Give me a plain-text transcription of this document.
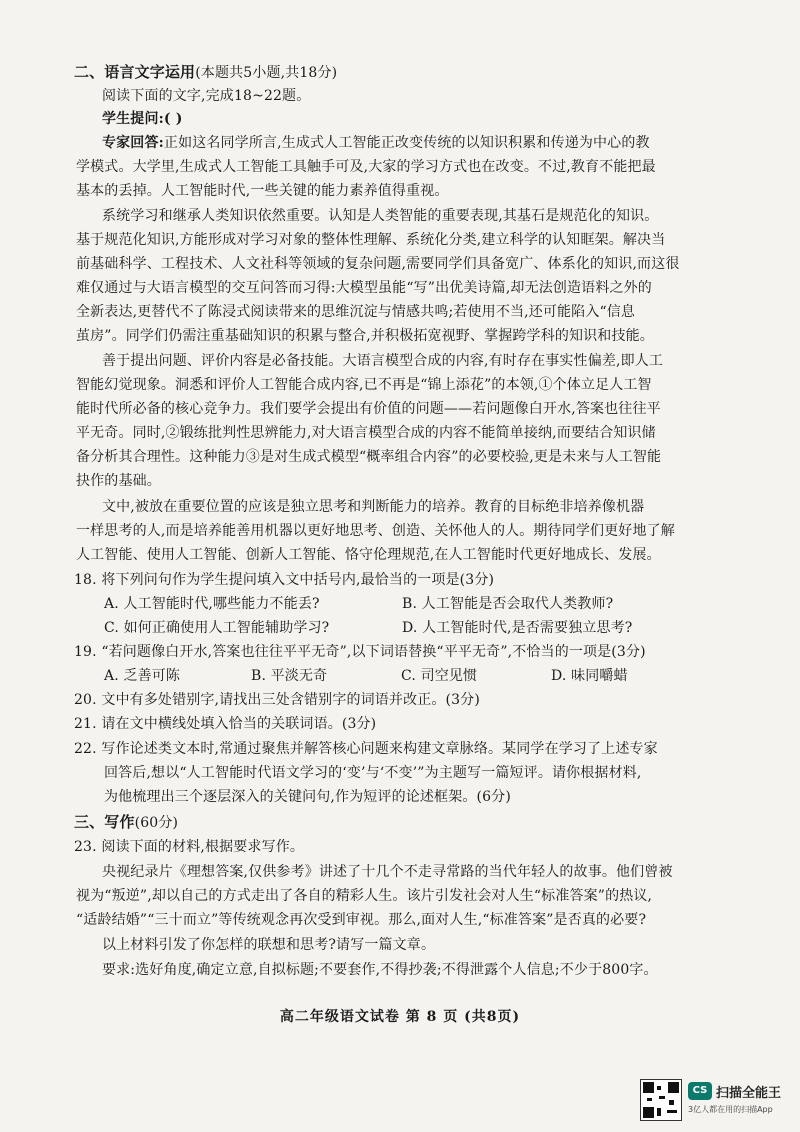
二、语言文字运用(本题共5小题,共18分)
阅读下面的文字,完成18~22题。
学生提问:( )
专家回答:正如这名同学所言,生成式人工智能正改变传统的以知识积累和传递为中心的教
学模式。大学里,生成式人工智能工具触手可及,大家的学习方式也在改变。不过,教育不能把最
基本的丢掉。人工智能时代,一些关键的能力素养值得重视。
系统学习和继承人类知识依然重要。认知是人类智能的重要表现,其基石是规范化的知识。
基于规范化知识,方能形成对学习对象的整体性理解、系统化分类,建立科学的认知眶架。解决当
前基础科学、工程技术、人文社科等领域的复杂问题,需要同学们具备宽广、体系化的知识,而这很
难仅通过与大语言模型的交互问答而习得:大模型虽能“写”出优美诗篇,却无法创造语料之外的
全新表达,更替代不了陈浸式阅读带来的思维沉淀与情感共鸣;若使用不当,还可能陷入“信息
茧房”。同学们仍需注重基础知识的积累与整合,并积极拓宽视野、掌握跨学科的知识和技能。
善于提出问题、评价内容是必备技能。大语言模型合成的内容,有时存在事实性偏差,即人工
智能幻觉现象。洞悉和评价人工智能合成内容,已不再是“锦上添花”的本领,①个体立足人工智
能时代所必备的核心竞争力。我们要学会提出有价值的问题——若问题像白开水,答案也往往平
平无奇。同时,②锻练批判性思辨能力,对大语言模型合成的内容不能简单接纳,而要结合知识储
备分析其合理性。这种能力③是对生成式模型“概率组合内容”的必要校验,更是未来与人工智能
抉作的基础。
文中,被放在重要位置的应该是独立思考和判断能力的培养。教育的目标绝非培养像机器
一样思考的人,而是培养能善用机器以更好地思考、创造、关怀他人的人。期待同学们更好地了解
人工智能、使用人工智能、创新人工智能、恪守伦理规范,在人工智能时代更好地成长、发展。
18. 将下列问句作为学生提问填入文中括号内,最恰当的一项是(3分)
A. 人工智能时代,哪些能力不能丢?	B. 人工智能是否会取代人类教师?
C. 如何正确使用人工智能辅助学习?	D. 人工智能时代,是否需要独立思考?
19. “若问题像白开水,答案也往往平平无奇”,以下词语替换“平平无奇”,不恰当的一项是(3分)
A. 乏善可陈	B. 平淡无奇	C. 司空见惯	D. 味同嚼蜡
20. 文中有多处错别字,请找出三处含错别字的词语并改正。(3分)
21. 请在文中横线处填入恰当的关联词语。(3分)
22. 写作论述类文本时,常通过聚焦并解答核心问题来构建文章脉络。某同学在学习了上述专家
回答后,想以“人工智能时代语文学习的‘变’与‘不变’”为主题写一篇短评。请你根据材料,
为他梳理出三个逐层深入的关键问句,作为短评的论述框架。(6分)
三、写作(60分)
23. 阅读下面的材料,根据要求写作。
央视纪录片《理想答案,仅供参考》讲述了十几个不走寻常路的当代年轻人的故事。他们曾被
视为“叛逆”,却以自己的方式走出了各自的精彩人生。该片引发社会对人生“标准答案”的热议,
“适龄结婚”“三十而立”等传统观念再次受到审视。那么,面对人生,“标准答案”是否真的必要?
以上材料引发了你怎样的联想和思考?请写一篇文章。
要求:选好角度,确定立意,自拟标题;不要套作,不得抄袭;不得泄露个人信息;不少于800字。
高二年级语文试卷 第 8 页 (共8页)
CS 扫描全能王
3亿人都在用的扫描App
